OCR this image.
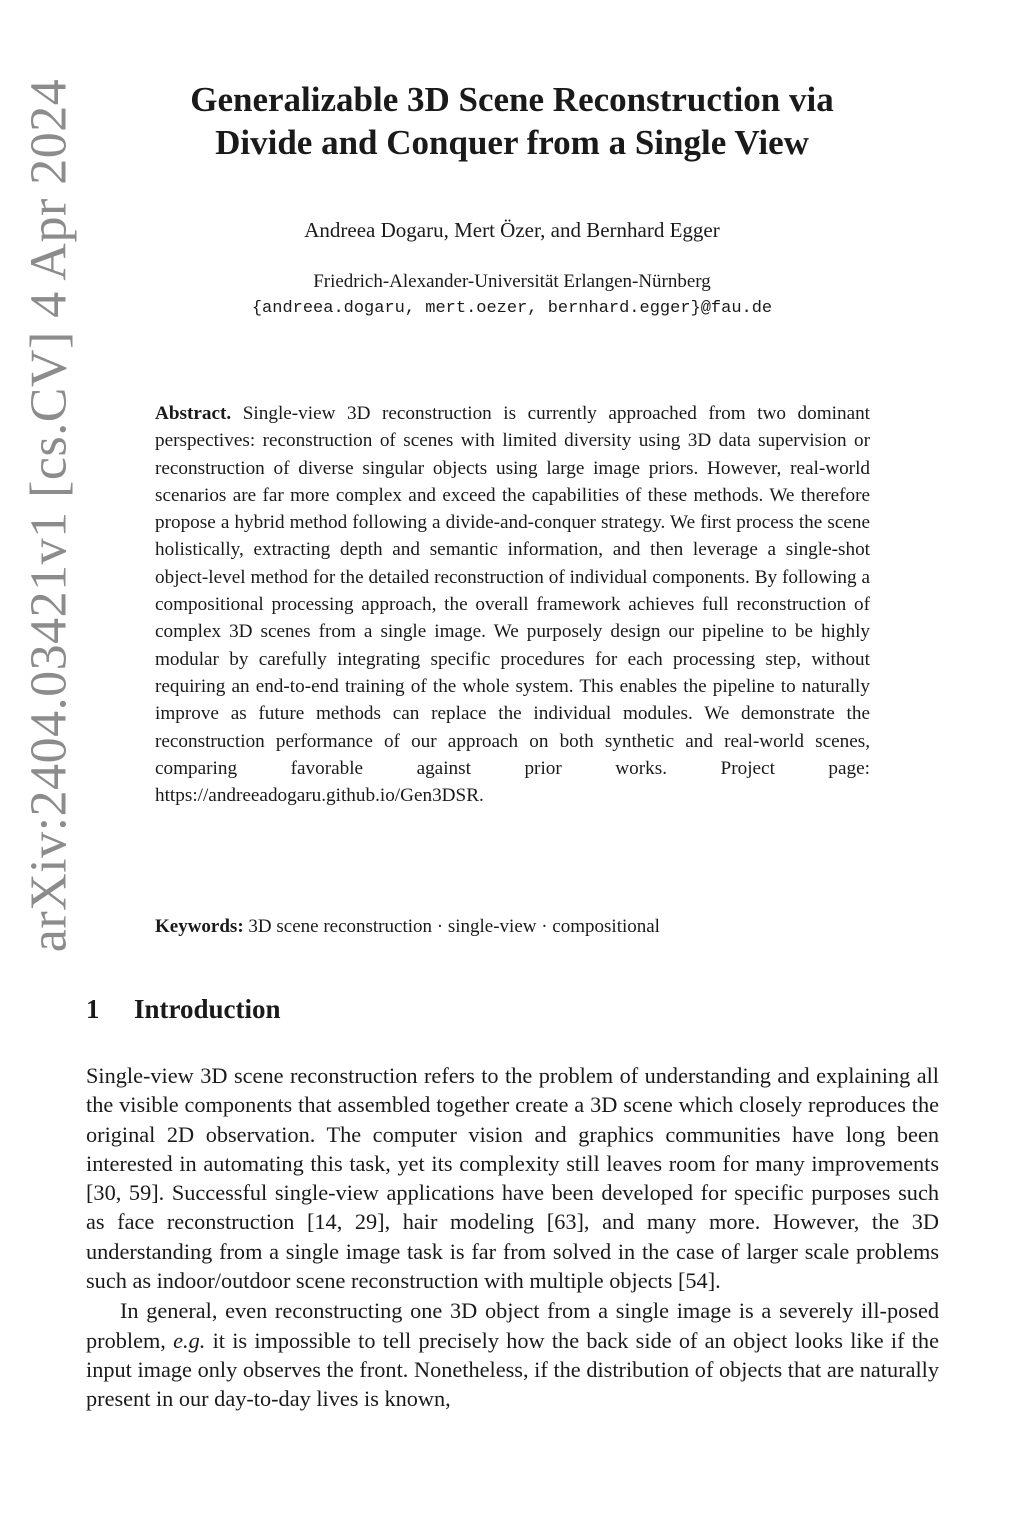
arXiv:2404.03421v1 [cs.CV] 4 Apr 2024	Generalizable 3D Scene Reconstruction via
Divide and Conquer from a Single View
Andreea Dogaru, Mert Özer, and Bernhard Egger
Friedrich-Alexander-Universität Erlangen-Nürnberg
{andreea.dogaru, mert.oezer, bernhard.egger}@fau.de
Abstract. Single-view 3D reconstruction is currently approached from two dominant perspectives: reconstruction of scenes with limited diversity using 3D data supervision or reconstruction of diverse singular objects using large image priors. However, real-world scenarios are far more complex and exceed the capabilities of these methods. We therefore propose a hybrid method following a divide-and-conquer strategy. We first process the scene holistically, extracting depth and semantic information, and then leverage a single-shot object-level method for the detailed reconstruction of individual components. By following a compositional processing approach, the overall framework achieves full reconstruction of complex 3D scenes from a single image. We purposely design our pipeline to be highly modular by carefully integrating specific procedures for each processing step, without requiring an end-to-end training of the whole system. This enables the pipeline to naturally improve as future methods can replace the individual modules. We demonstrate the reconstruction performance of our approach on both synthetic and real-world scenes, comparing favorable against prior works. Project page: https://andreeadogaru.github.io/Gen3DSR.
Keywords: 3D scene reconstruction · single-view · compositional
1 Introduction

Single-view 3D scene reconstruction refers to the problem of understanding and explaining all the visible components that assembled together create a 3D scene which closely reproduces the original 2D observation. The computer vision and graphics communities have long been interested in automating this task, yet its complexity still leaves room for many improvements [30, 59]. Successful single-view applications have been developed for specific purposes such as face reconstruction [14, 29], hair modeling [63], and many more. However, the 3D understanding from a single image task is far from solved in the case of larger scale problems such as indoor/outdoor scene reconstruction with multiple objects [54].

In general, even reconstructing one 3D object from a single image is a severely ill-posed problem, e.g. it is impossible to tell precisely how the back side of an object looks like if the input image only observes the front. Nonetheless, if the distribution of objects that are naturally present in our day-to-day lives is known,
